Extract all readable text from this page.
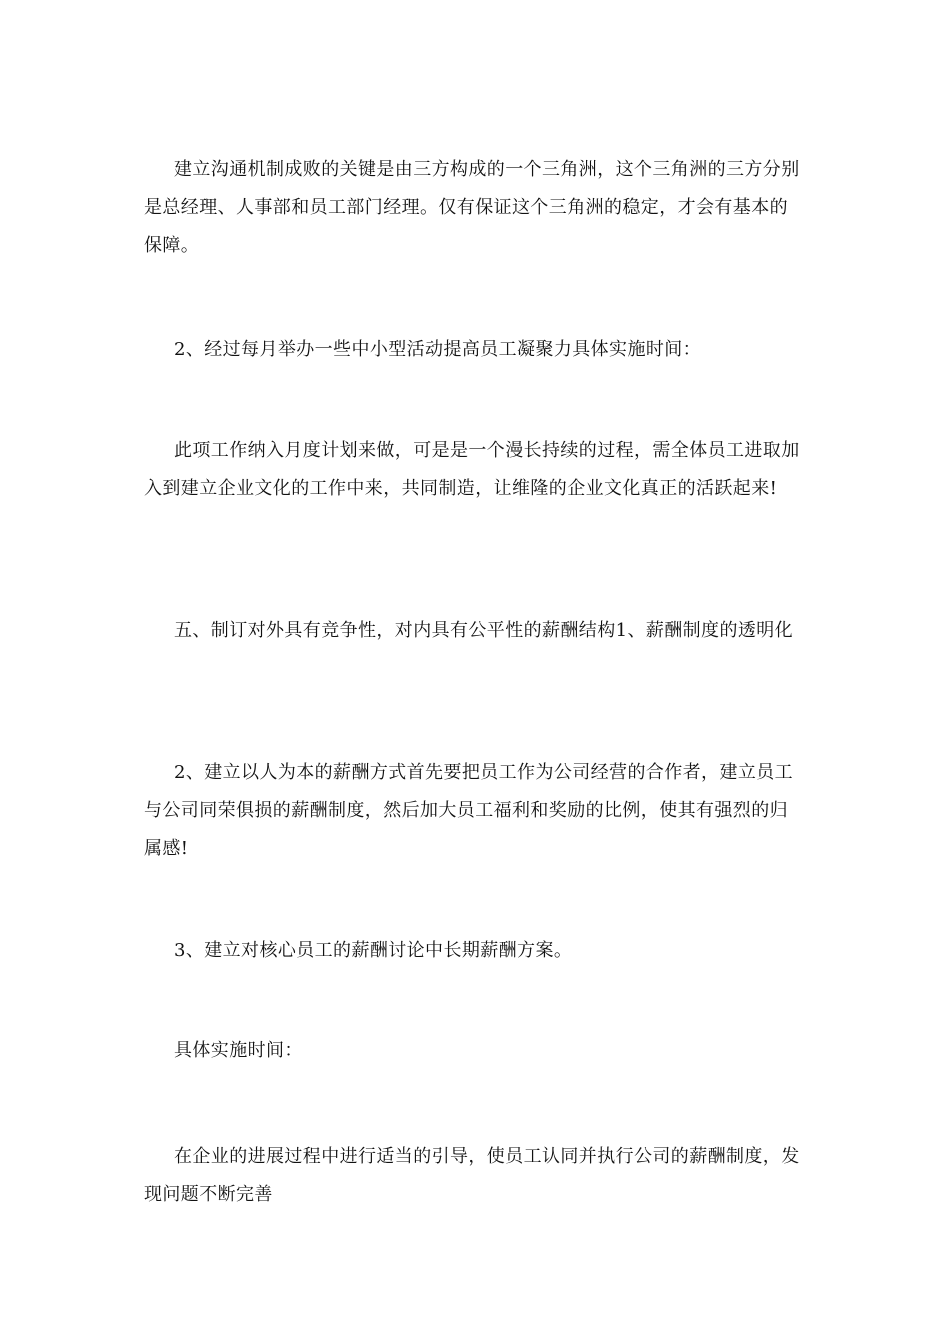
建立沟通机制成败的关键是由三方构成的一个三角洲，这个三角洲的三方分别是总经理、人事部和员工部门经理。仅有保证这个三角洲的稳定，才会有基本的保障。

2、经过每月举办一些中小型活动提高员工凝聚力具体实施时间：

此项工作纳入月度计划来做，可是是一个漫长持续的过程，需全体员工进取加入到建立企业文化的工作中来，共同制造，让维隆的企业文化真正的活跃起来!

五、制订对外具有竞争性，对内具有公平性的薪酬结构1、薪酬制度的透明化

2、建立以人为本的薪酬方式首先要把员工作为公司经营的合作者，建立员工与公司同荣俱损的薪酬制度，然后加大员工福利和奖励的比例，使其有强烈的归属感!

3、建立对核心员工的薪酬讨论中长期薪酬方案。

具体实施时间：

在企业的进展过程中进行适当的引导，使员工认同并执行公司的薪酬制度，发现问题不断完善
